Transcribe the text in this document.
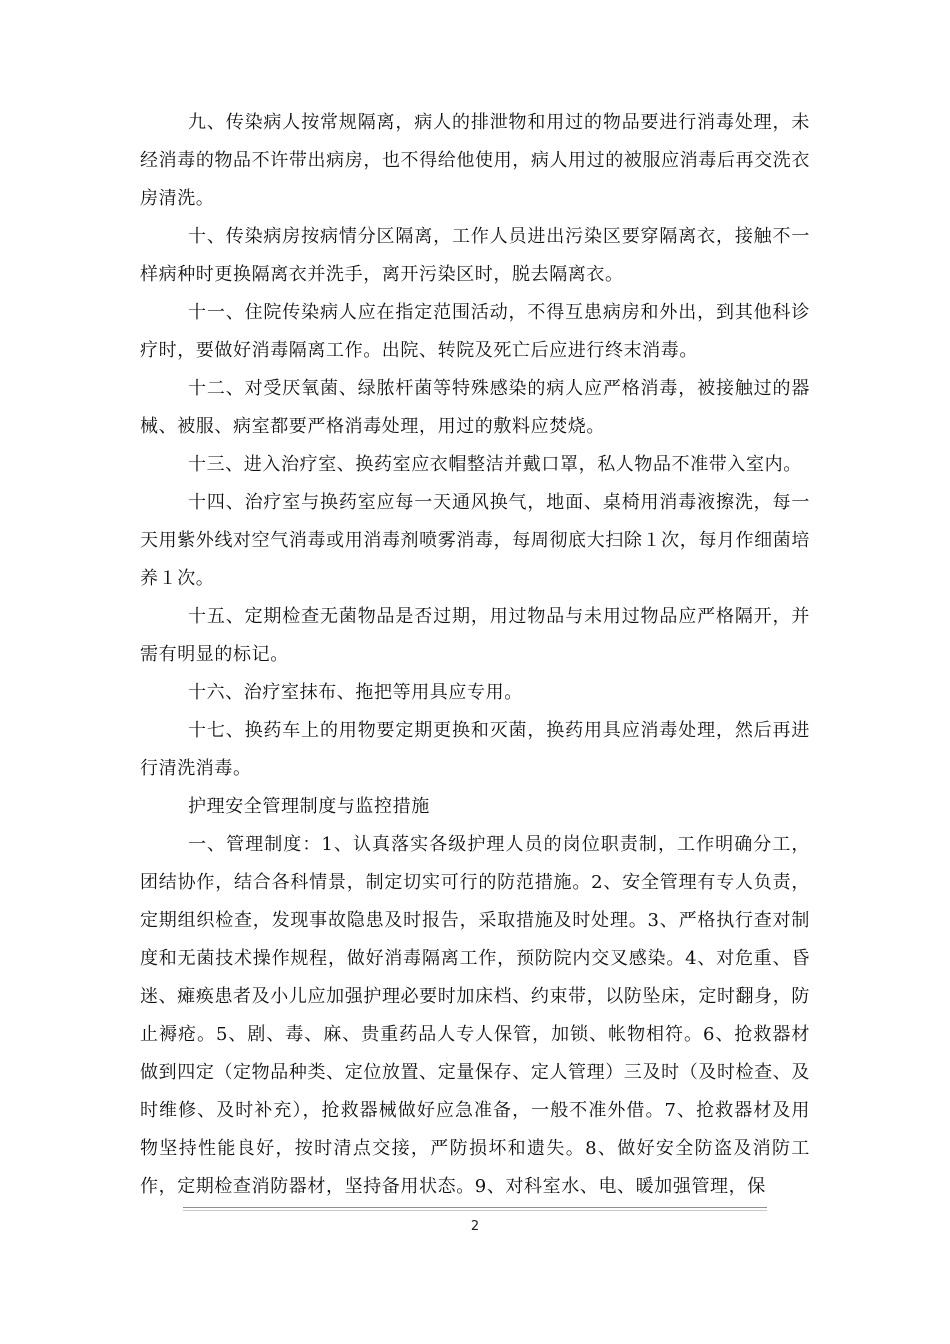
九、传染病人按常规隔离，病人的排泄物和用过的物品要进行消毒处理，未经消毒的物品不许带出病房，也不得给他使用，病人用过的被服应消毒后再交洗衣房清洗。

十、传染病房按病情分区隔离，工作人员进出污染区要穿隔离衣，接触不一样病种时更换隔离衣并洗手，离开污染区时，脱去隔离衣。

十一、住院传染病人应在指定范围活动，不得互患病房和外出，到其他科诊疗时，要做好消毒隔离工作。出院、转院及死亡后应进行终末消毒。

十二、对受厌氧菌、绿脓杆菌等特殊感染的病人应严格消毒，被接触过的器械、被服、病室都要严格消毒处理，用过的敷料应焚烧。

十三、进入治疗室、换药室应衣帽整洁并戴口罩，私人物品不准带入室内。

十四、治疗室与换药室应每一天通风换气，地面、桌椅用消毒液擦洗，每一天用紫外线对空气消毒或用消毒剂喷雾消毒，每周彻底大扫除１次，每月作细菌培养１次。

十五、定期检查无菌物品是否过期，用过物品与未用过物品应严格隔开，并需有明显的标记。

十六、治疗室抹布、拖把等用具应专用。

十七、换药车上的用物要定期更换和灭菌，换药用具应消毒处理，然后再进行清洗消毒。

护理安全管理制度与监控措施

一、管理制度：1、认真落实各级护理人员的岗位职责制，工作明确分工，团结协作，结合各科情景，制定切实可行的防范措施。2、安全管理有专人负责，定期组织检查，发现事故隐患及时报告，采取措施及时处理。3、严格执行查对制度和无菌技术操作规程，做好消毒隔离工作，预防院内交叉感染。4、对危重、昏迷、瘫痪患者及小儿应加强护理必要时加床档、约束带，以防坠床，定时翻身，防止褥疮。5、剧、毒、麻、贵重药品人专人保管，加锁、帐物相符。6、抢救器材做到四定（定物品种类、定位放置、定量保存、定人管理）三及时（及时检查、及时维修、及时补充），抢救器械做好应急准备，一般不准外借。7、抢救器材及用物坚持性能良好，按时清点交接，严防损坏和遗失。8、做好安全防盗及消防工作，定期检查消防器材，坚持备用状态。9、对科室水、电、暖加强管理，保

2
